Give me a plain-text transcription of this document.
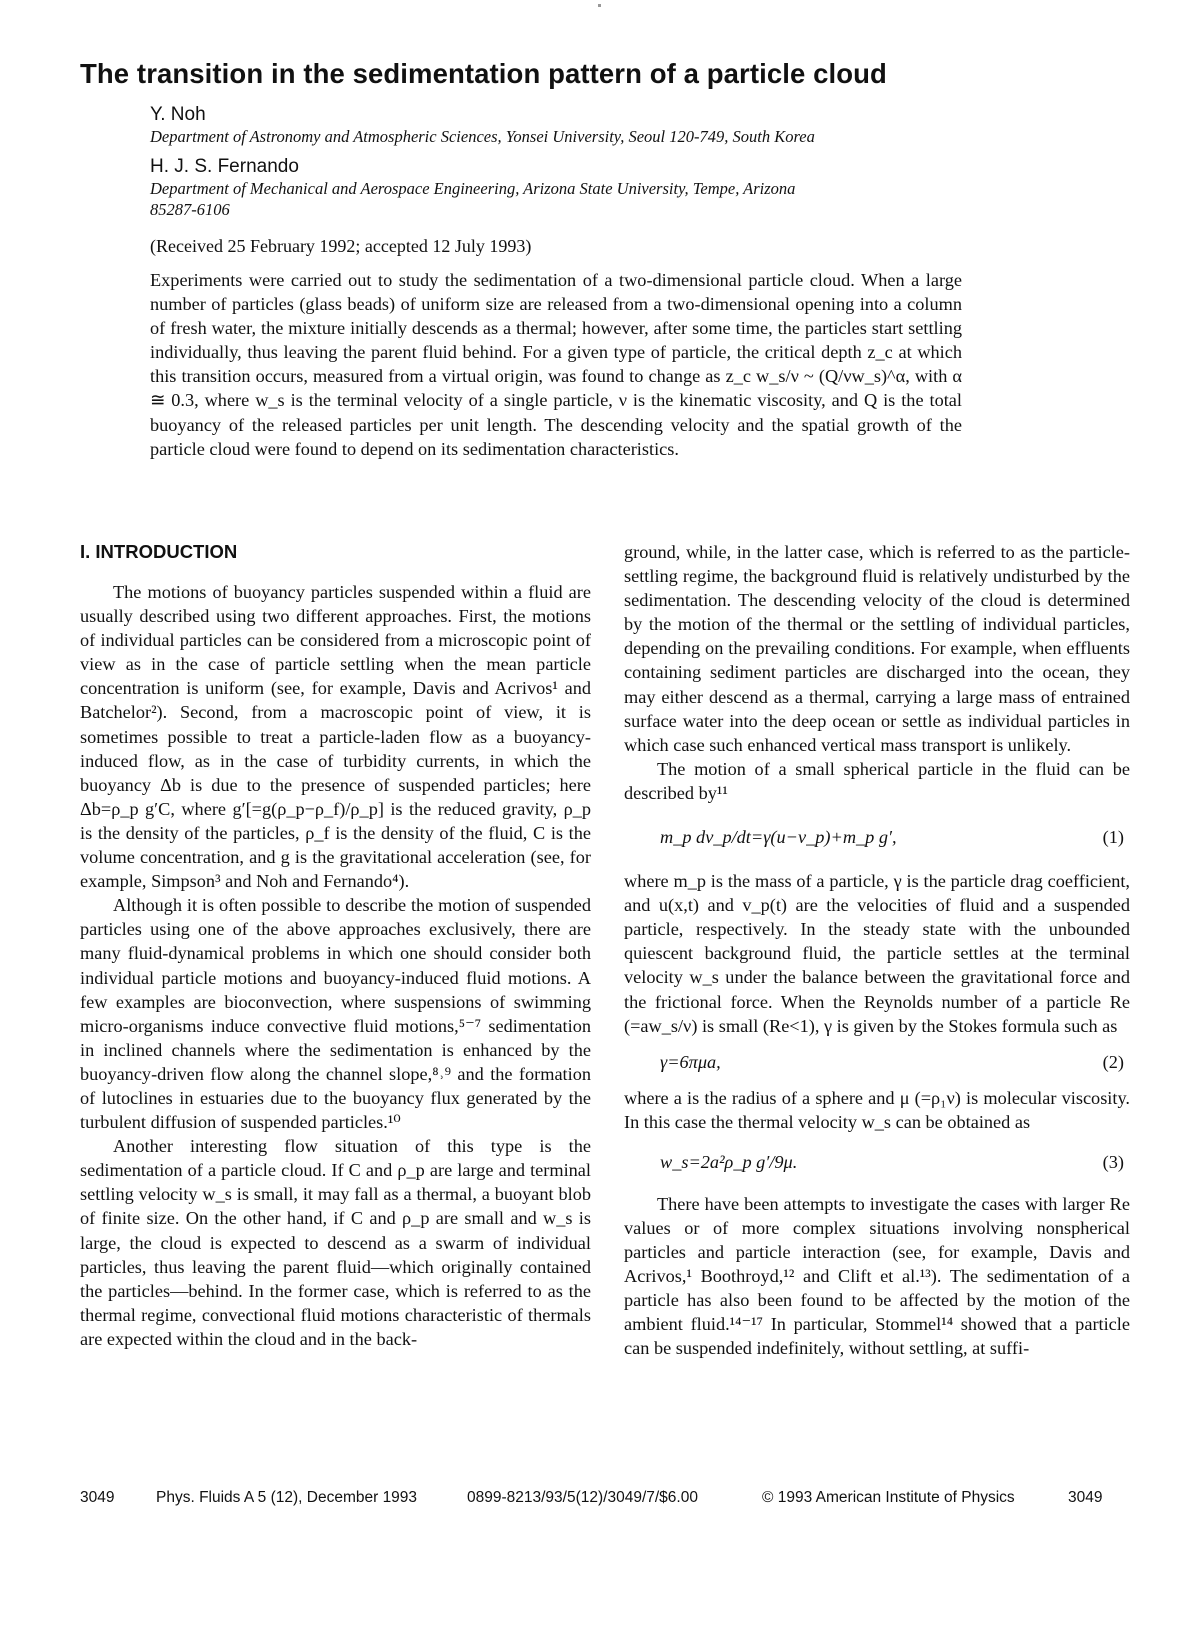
The transition in the sedimentation pattern of a particle cloud
Y. Noh
Department of Astronomy and Atmospheric Sciences, Yonsei University, Seoul 120-749, South Korea
H. J. S. Fernando
Department of Mechanical and Aerospace Engineering, Arizona State University, Tempe, Arizona 85287-6106
(Received 25 February 1992; accepted 12 July 1993)
Experiments were carried out to study the sedimentation of a two-dimensional particle cloud. When a large number of particles (glass beads) of uniform size are released from a two-dimensional opening into a column of fresh water, the mixture initially descends as a thermal; however, after some time, the particles start settling individually, thus leaving the parent fluid behind. For a given type of particle, the critical depth z_c at which this transition occurs, measured from a virtual origin, was found to change as z_c w_s/ν ~ (Q/νw_s)^α, with α ≅ 0.3, where w_s is the terminal velocity of a single particle, ν is the kinematic viscosity, and Q is the total buoyancy of the released particles per unit length. The descending velocity and the spatial growth of the particle cloud were found to depend on its sedimentation characteristics.
I. INTRODUCTION

The motions of buoyancy particles suspended within a fluid are usually described using two different approaches. First, the motions of individual particles can be considered from a microscopic point of view as in the case of particle settling when the mean particle concentration is uniform (see, for example, Davis and Acrivos¹ and Batchelor²). Second, from a macroscopic point of view, it is sometimes possible to treat a particle-laden flow as a buoyancy-induced flow, as in the case of turbidity currents, in which the buoyancy Δb is due to the presence of suspended particles; here Δb=ρ_p g′C, where g′[=g(ρ_p−ρ_f)/ρ_p] is the reduced gravity, ρ_p is the density of the particles, ρ_f is the density of the fluid, C is the volume concentration, and g is the gravitational acceleration (see, for example, Simpson³ and Noh and Fernando⁴).

Although it is often possible to describe the motion of suspended particles using one of the above approaches exclusively, there are many fluid-dynamical problems in which one should consider both individual particle motions and buoyancy-induced fluid motions. A few examples are bioconvection, where suspensions of swimming micro-organisms induce convective fluid motions,⁵⁻⁷ sedimentation in inclined channels where the sedimentation is enhanced by the buoyancy-driven flow along the channel slope,⁸˒⁹ and the formation of lutoclines in estuaries due to the buoyancy flux generated by the turbulent diffusion of suspended particles.¹⁰

Another interesting flow situation of this type is the sedimentation of a particle cloud. If C and ρ_p are large and terminal settling velocity w_s is small, it may fall as a thermal, a buoyant blob of finite size. On the other hand, if C and ρ_p are small and w_s is large, the cloud is expected to descend as a swarm of individual particles, thus leaving the parent fluid—which originally contained the particles—behind. In the former case, which is referred to as the thermal regime, convectional fluid motions characteristic of thermals are expected within the cloud and in the back-

ground, while, in the latter case, which is referred to as the particle-settling regime, the background fluid is relatively undisturbed by the sedimentation. The descending velocity of the cloud is determined by the motion of the thermal or the settling of individual particles, depending on the prevailing conditions. For example, when effluents containing sediment particles are discharged into the ocean, they may either descend as a thermal, carrying a large mass of entrained surface water into the deep ocean or settle as individual particles in which case such enhanced vertical mass transport is unlikely.

The motion of a small spherical particle in the fluid can be described by¹¹

m_p dv_p/dt=γ(u−v_p)+m_p g′,	(1)

where m_p is the mass of a particle, γ is the particle drag coefficient, and u(x,t) and v_p(t) are the velocities of fluid and a suspended particle, respectively. In the steady state with the unbounded quiescent background fluid, the particle settles at the terminal velocity w_s under the balance between the gravitational force and the frictional force. When the Reynolds number of a particle Re (=aw_s/ν) is small (Re<1), γ is given by the Stokes formula such as

γ=6πμa,	(2)

where a is the radius of a sphere and μ (=ρ₁ν) is molecular viscosity. In this case the thermal velocity w_s can be obtained as

w_s=2a²ρ_p g′/9μ.	(3)

There have been attempts to investigate the cases with larger Re values or of more complex situations involving nonspherical particles and particle interaction (see, for example, Davis and Acrivos,¹ Boothroyd,¹² and Clift et al.¹³). The sedimentation of a particle has also been found to be affected by the motion of the ambient fluid.¹⁴⁻¹⁷ In particular, Stommel¹⁴ showed that a particle can be suspended indefinitely, without settling, at suffi-

3049	Phys. Fluids A 5 (12), December 1993	0899-8213/93/5(12)/3049/7/$6.00	© 1993 American Institute of Physics	3049
